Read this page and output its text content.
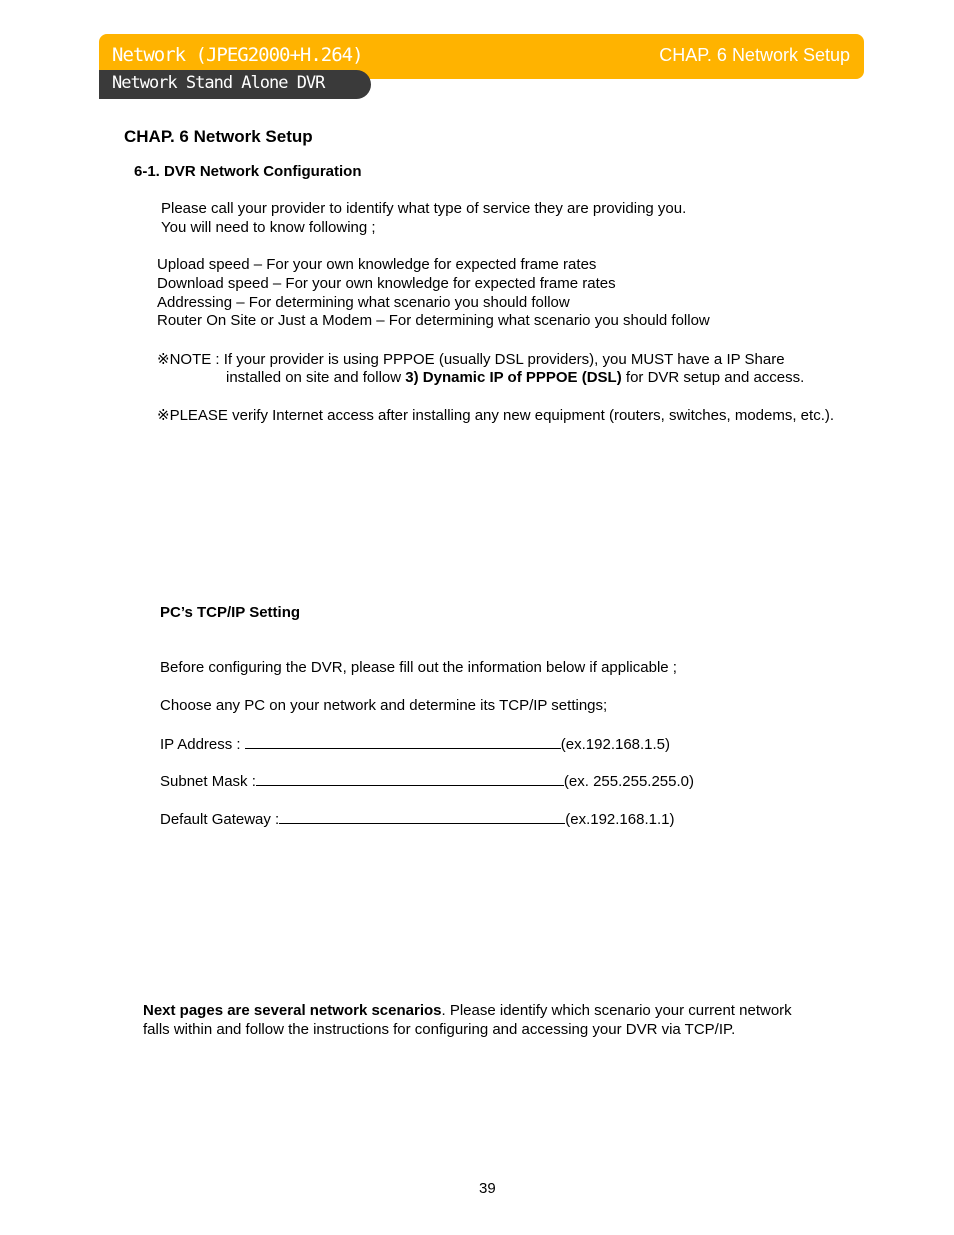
Network (JPEG2000+H.264)	CHAP. 6 Network Setup
Network Stand Alone DVR
CHAP. 6 Network Setup
6-1. DVR Network Configuration
Please call your provider to identify what type of service they are providing you.
You will need to know following ;
Upload speed – For your own knowledge for expected frame rates
Download speed – For your own knowledge for expected frame rates
Addressing – For determining what scenario you should follow
Router On Site or Just a Modem – For determining what scenario you should follow
※NOTE : If your provider is using PPPOE (usually DSL providers), you MUST have a IP Share
installed on site and follow 3) Dynamic IP of PPPOE (DSL) for DVR setup and access.
※PLEASE verify Internet access after installing any new equipment (routers, switches, modems, etc.).
PC’s TCP/IP Setting
Before configuring the DVR, please fill out the information below if applicable ;
Choose any PC on your network and determine its TCP/IP settings;
IP Address :	(ex.192.168.1.5)
Subnet Mask :	(ex. 255.255.255.0)
Default Gateway :	(ex.192.168.1.1)
Next pages are several network scenarios. Please identify which scenario your current network
falls within and follow the instructions for configuring and accessing your DVR via TCP/IP.
39
